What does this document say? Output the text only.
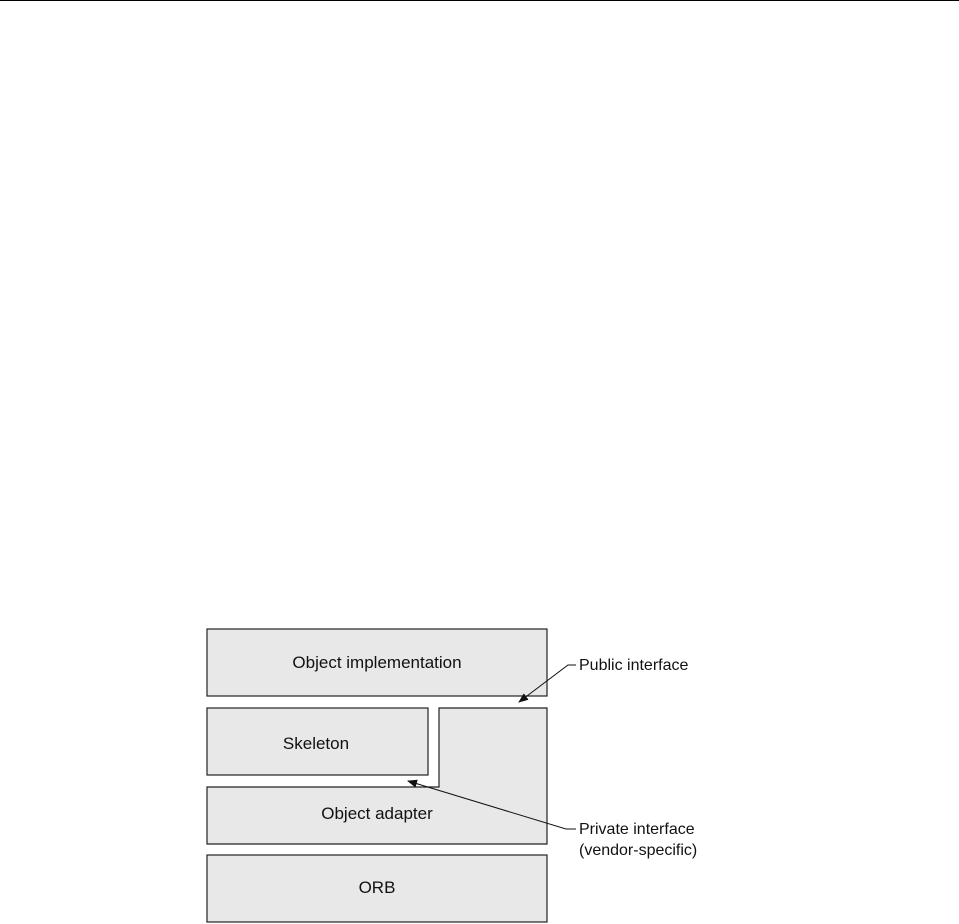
Object implementation
Skeleton
Object adapter
ORB
Public interface
Private interface
(vendor-specific)
